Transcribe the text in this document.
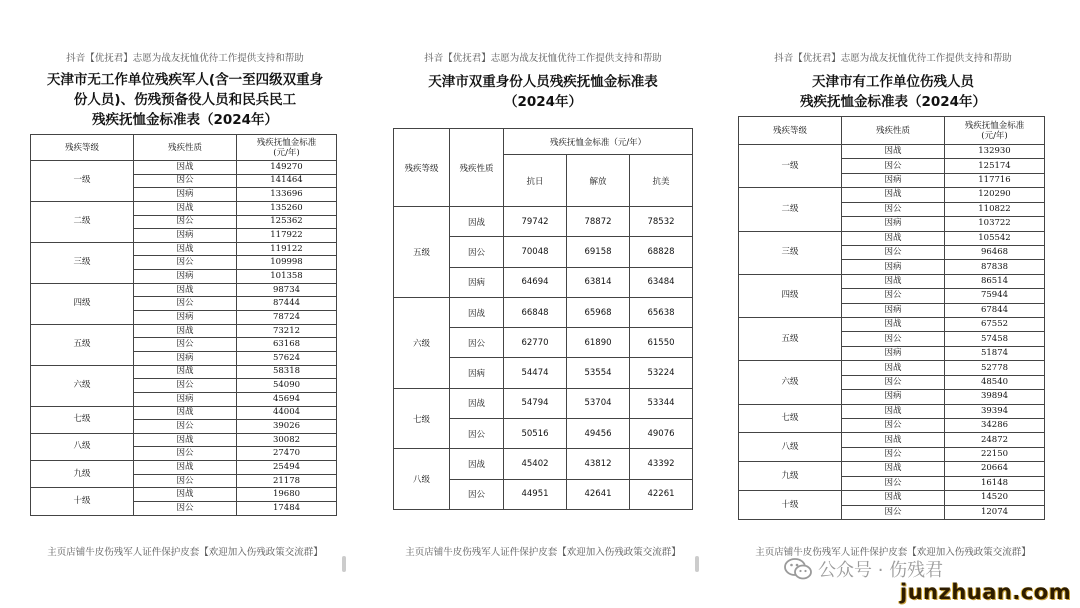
抖音【优抚君】志愿为战友抚恤优待工作提供支持和帮助
天津市无工作单位残疾军人(含一至四级双重身
份人员)、伤残预备役人员和民兵民工
残疾抚恤金标准表（2024年）
残疾等级	残疾性质	残疾抚恤金标准
(元/年)

一级	因战	149270
	因公	141464
	因病	133696
二级	因战	135260
	因公	125362
	因病	117922
三级	因战	119122
	因公	109998
	因病	101358
四级	因战	98734
	因公	87444
	因病	78724
五级	因战	73212
	因公	63168
	因病	57624
六级	因战	58318
	因公	54090
	因病	45694
七级	因战	44004
	因公	39026
八级	因战	30082
	因公	27470
九级	因战	25494
	因公	21178
十级	因战	19680
	因公	17484
主页店铺牛皮伤残军人证件保护皮套【欢迎加入伤残政策交流群】
抖音【优抚君】志愿为战友抚恤优待工作提供支持和帮助
天津市双重身份人员残疾抚恤金标准表
（2024年）
残疾等级	残疾性质	残疾抚恤金标准（元/年）		
		抗日	解放	抗美
五级	因战	79742	78872	78532
	因公	70048	69158	68828
	因病	64694	63814	63484
六级	因战	66848	65968	65638
	因公	62770	61890	61550
	因病	54474	53554	53224
七级	因战	54794	53704	53344
	因公	50516	49456	49076
八级	因战	45402	43812	43392
	因公	44951	42641	42261
主页店铺牛皮伤残军人证件保护皮套【欢迎加入伤残政策交流群】
抖音【优抚君】志愿为战友抚恤优待工作提供支持和帮助
天津市有工作单位伤残人员
残疾抚恤金标准表（2024年）
残疾等级	残疾性质	残疾抚恤金标准
(元/年)

一级	因战	132930
	因公	125174
	因病	117716
二级	因战	120290
	因公	110822
	因病	103722
三级	因战	105542
	因公	96468
	因病	87838
四级	因战	86514
	因公	75944
	因病	67844
五级	因战	67552
	因公	57458
	因病	51874
六级	因战	52778
	因公	48540
	因病	39894
七级	因战	39394
	因公	34286
八级	因战	24872
	因公	22150
九级	因战	20664
	因公	16148
十级	因战	14520
	因公	12074
主页店铺牛皮伤残军人证件保护皮套【欢迎加入伤残政策交流群】
公众号 · 伤残君
junzhuan.com
